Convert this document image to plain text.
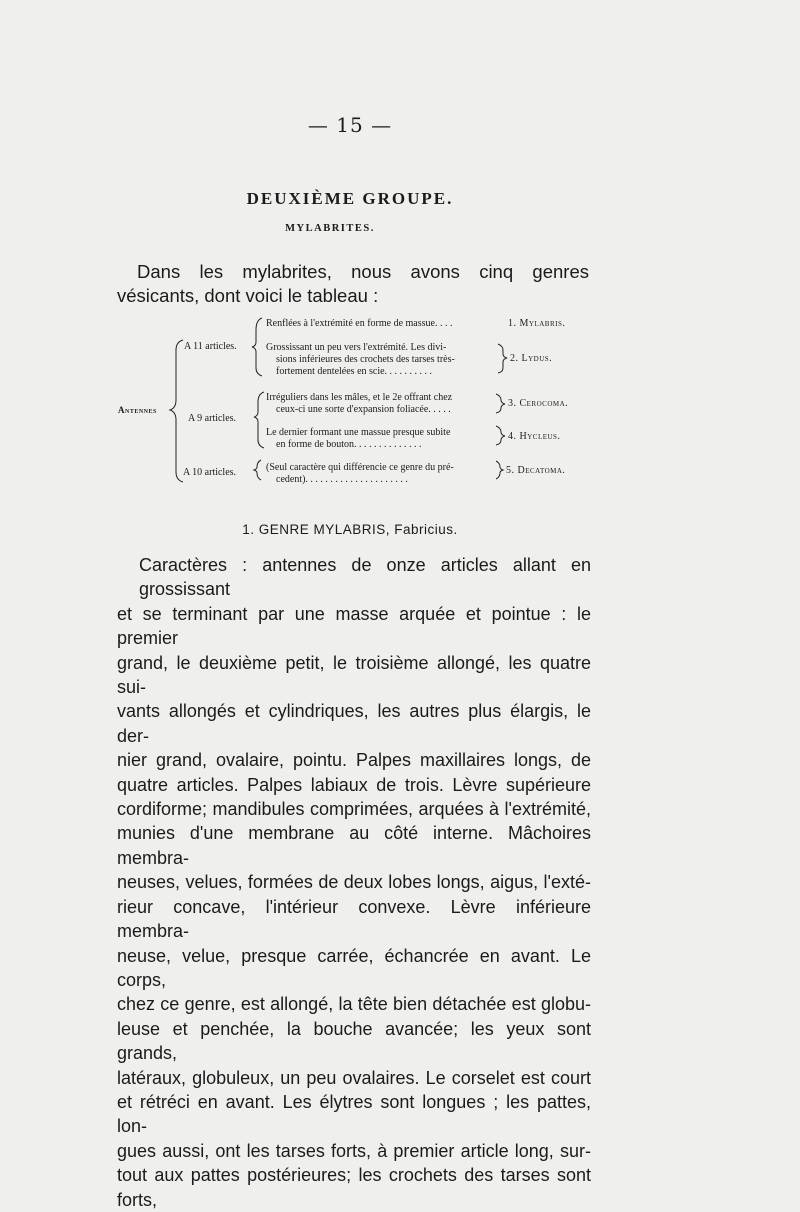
— 15 —
DEUXIÈME GROUPE.
MYLABRITES.

Dans les mylabrites, nous avons cinq genres vésicants, dont voici le tableau :

Antennes
A 11 articles.
A 9 articles.
A 10 articles.
Renflées à l'extrémité en forme de massue. . . .
Grossissant un peu vers l'extrémité. Les divi-
sions inférieures des crochets des tarses très-
fortement dentelées en scie. . . . . . . . . .
Irréguliers dans les mâles, et le 2e offrant chez
ceux-ci une sorte d'expansion foliacée. . . . .
Le dernier formant une massue presque subite
en forme de bouton. . . . . . . . . . . . . .
(Seul caractère qui différencie ce genre du pré-
cedent). . . . . . . . . . . . . . . . . . . . .
1. Mylabris.
2. Lydus.
3. Cerocoma.
4. Hycleus.
5. Decatoma.
1. GENRE MYLABRIS, Fabricius.
Caractères : antennes de onze articles allant en grossissant
et se terminant par une masse arquée et pointue : le premier
grand, le deuxième petit, le troisième allongé, les quatre sui-
vants allongés et cylindriques, les autres plus élargis, le der-
nier grand, ovalaire, pointu. Palpes maxillaires longs, de
quatre articles. Palpes labiaux de trois. Lèvre supérieure
cordiforme; mandibules comprimées, arquées à l'extrémité,
munies d'une membrane au côté interne. Mâchoires membra-
neuses, velues, formées de deux lobes longs, aigus, l'exté-
rieur concave, l'intérieur convexe. Lèvre inférieure membra-
neuse, velue, presque carrée, échancrée en avant. Le corps,
chez ce genre, est allongé, la tête bien détachée est globu-
leuse et penchée, la bouche avancée; les yeux sont grands,
latéraux, globuleux, un peu ovalaires. Le corselet est court
et rétréci en avant. Les élytres sont longues ; les pattes, lon-
gues aussi, ont les tarses forts, à premier article long, sur-
tout aux pattes postérieures; les crochets des tarses sont forts,
